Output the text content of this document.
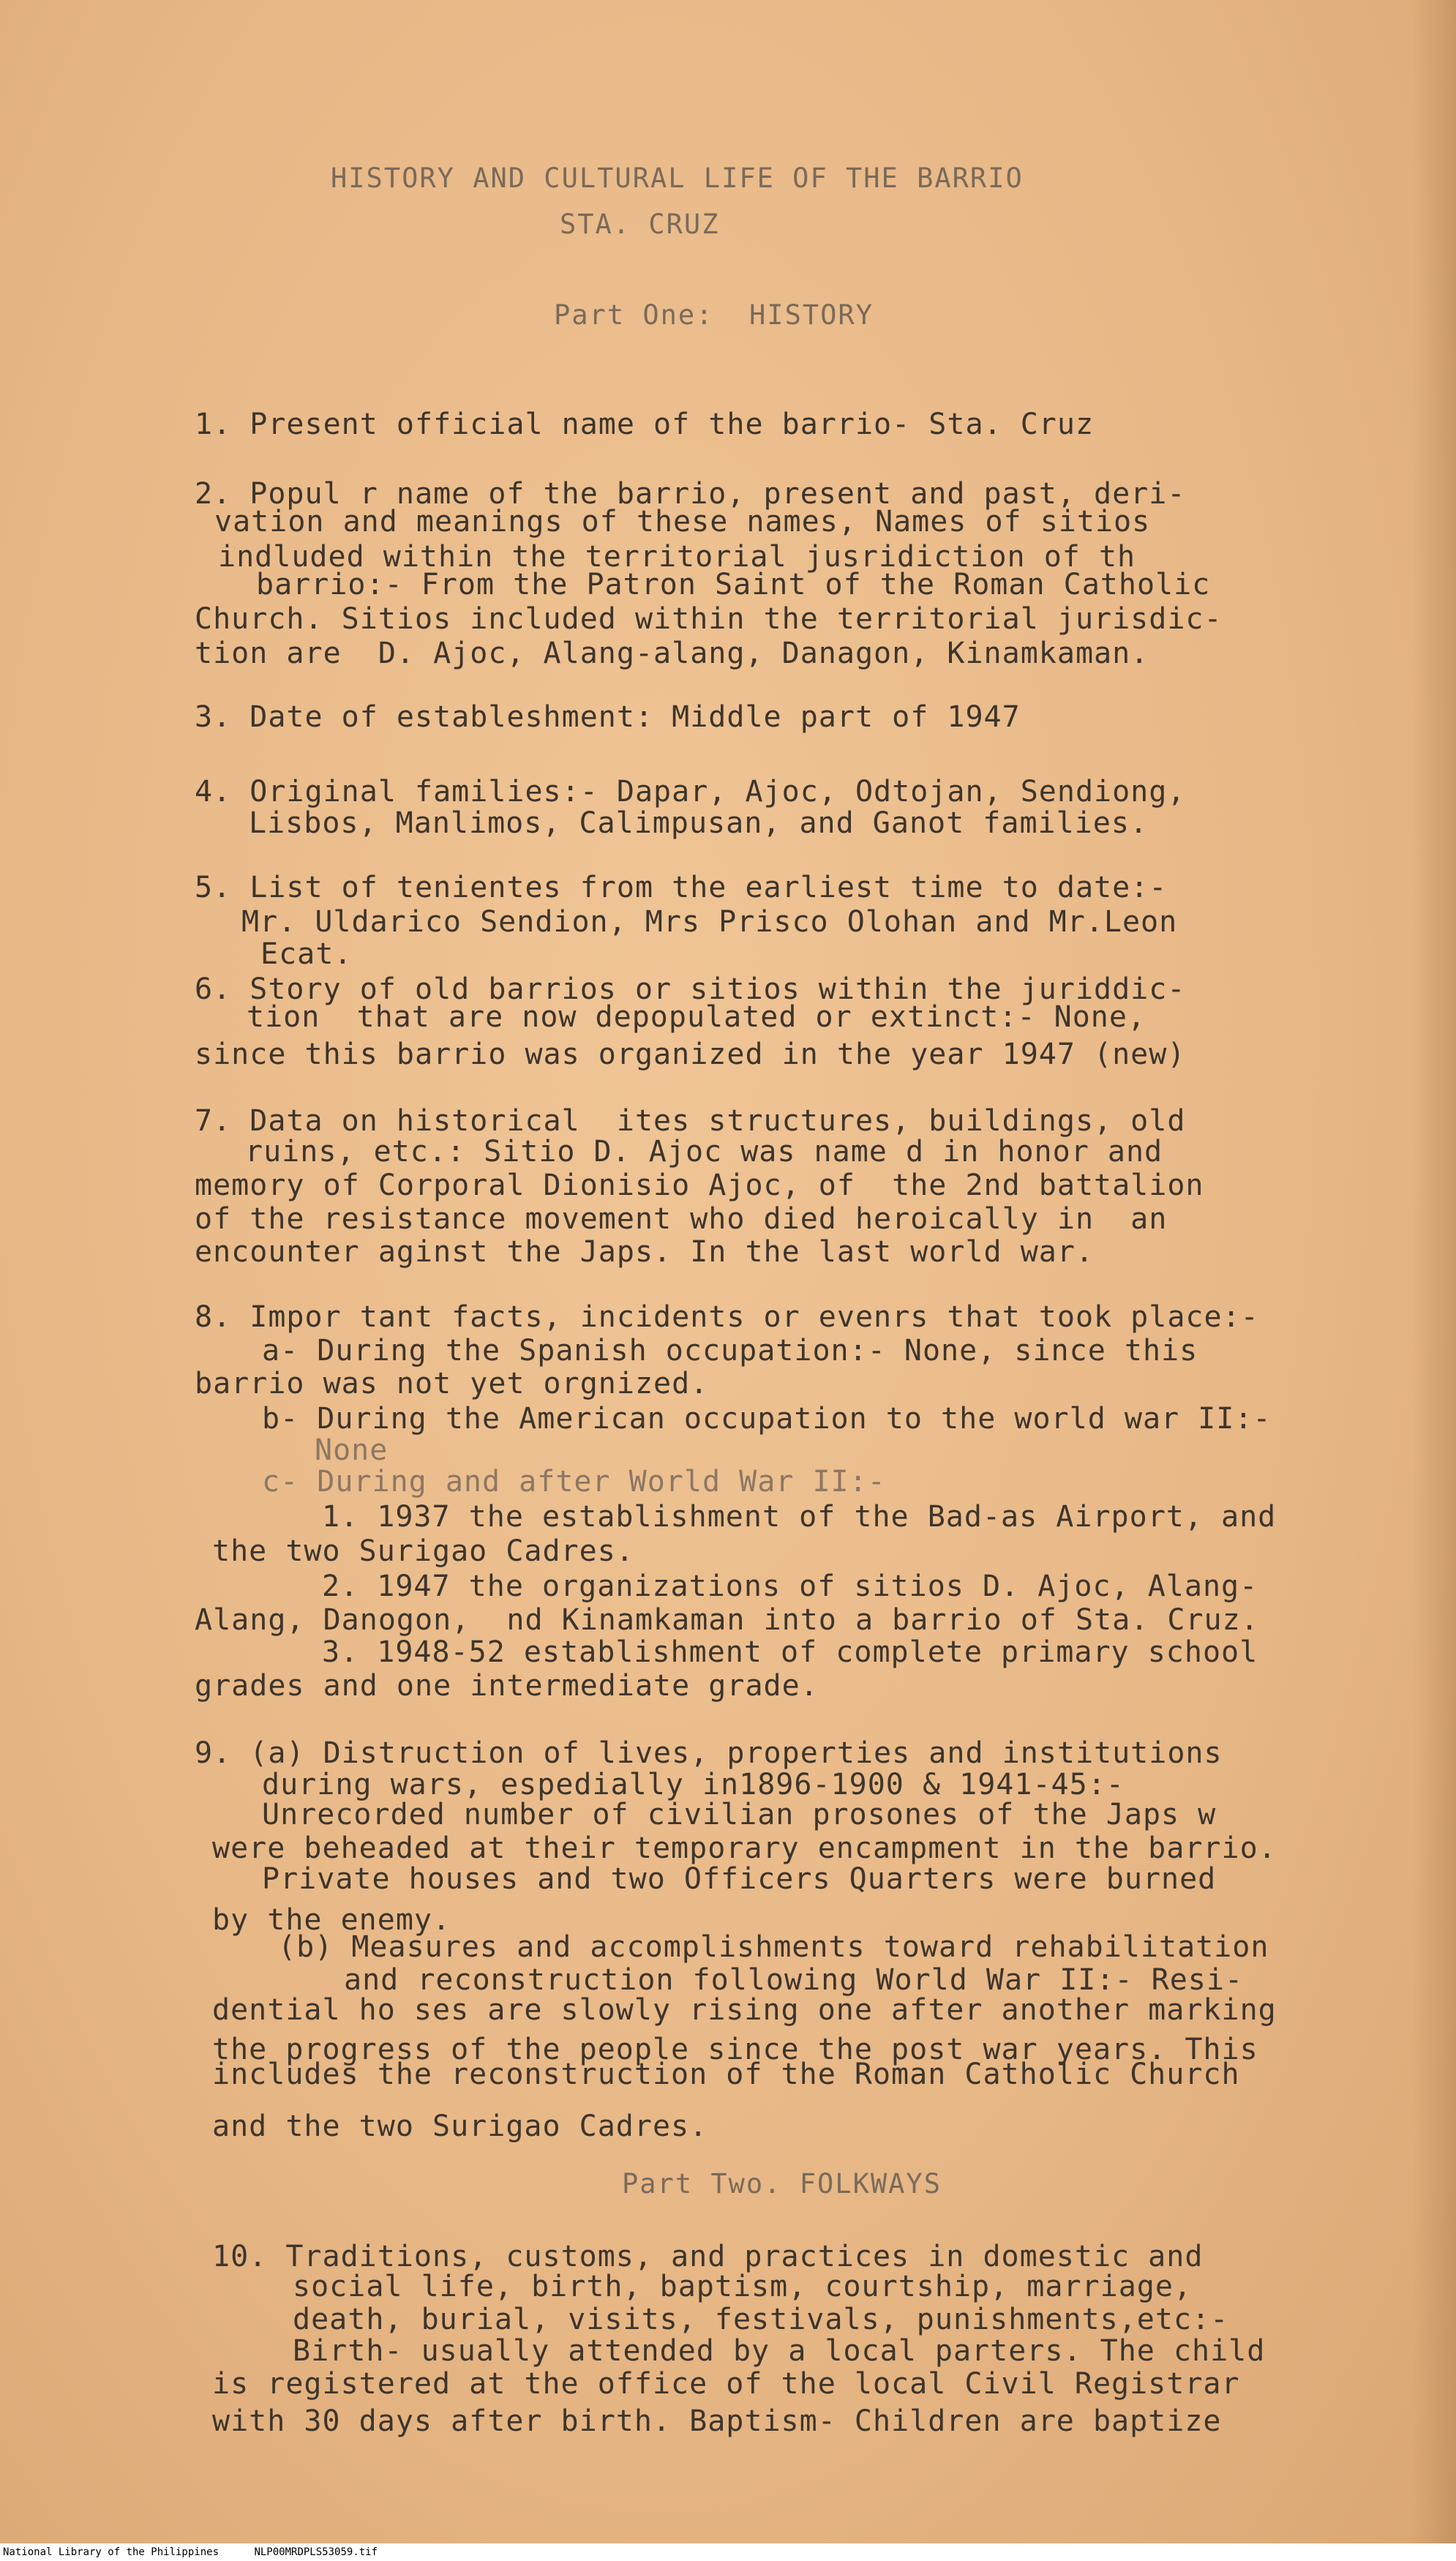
HISTORY AND CULTURAL LIFE OF THE BARRIO
STA. CRUZ
Part One:  HISTORY
1. Present official name of the barrio- Sta. Cruz
2. Popul r name of the barrio, present and past, deri-
vation and meanings of these names, Names of sitios
indluded within the territorial jusridiction of th
barrio:- From the Patron Saint of the Roman Catholic
Church. Sitios included within the territorial jurisdic-
tion are  D. Ajoc, Alang-alang, Danagon, Kinamkaman.
3. Date of estableshment: Middle part of 1947
4. Original families:- Dapar, Ajoc, Odtojan, Sendiong,
Lisbos, Manlimos, Calimpusan, and Ganot families.
5. List of tenientes from the earliest time to date:-
Mr. Uldarico Sendion, Mrs Prisco Olohan and Mr.Leon
Ecat.
6. Story of old barrios or sitios within the juriddic-
tion  that are now depopulated or extinct:- None,
since this barrio was organized in the year 1947 (new)
7. Data on historical  ites structures, buildings, old
ruins, etc.: Sitio D. Ajoc was name d in honor and
memory of Corporal Dionisio Ajoc, of  the 2nd battalion
of the resistance movement who died heroically in  an
encounter aginst the Japs. In the last world war.
8. Impor tant facts, incidents or evenrs that took place:-
a- During the Spanish occupation:- None, since this
barrio was not yet orgnized.
b- During the American occupation to the world war II:-
None
c- During and after World War II:-
1. 1937 the establishment of the Bad-as Airport, and
the two Surigao Cadres.
2. 1947 the organizations of sitios D. Ajoc, Alang-
Alang, Danogon,  nd Kinamkaman into a barrio of Sta. Cruz.
3. 1948-52 establishment of complete primary school
grades and one intermediate grade.
9. (a) Distruction of lives, properties and institutions
during wars, espedially in1896-1900 & 1941-45:-
Unrecorded number of civilian prosones of the Japs w
were beheaded at their temporary encampment in the barrio.
Private houses and two Officers Quarters were burned
by the enemy.
(b) Measures and accomplishments toward rehabilitation
and reconstruction following World War II:- Resi-
dential ho ses are slowly rising one after another marking
the progress of the people since the post war years. This
includes the reconstruction of the Roman Catholic Church
and the two Surigao Cadres.
Part Two. FOLKWAYS
10. Traditions, customs, and practices in domestic and
social life, birth, baptism, courtship, marriage,
death, burial, visits, festivals, punishments,etc:-
Birth- usually attended by a local parters. The child
is registered at the office of the local Civil Registrar
with 30 days after birth. Baptism- Children are baptize
National Library of the Philippines	NLP00MRDPLS53059.tif
